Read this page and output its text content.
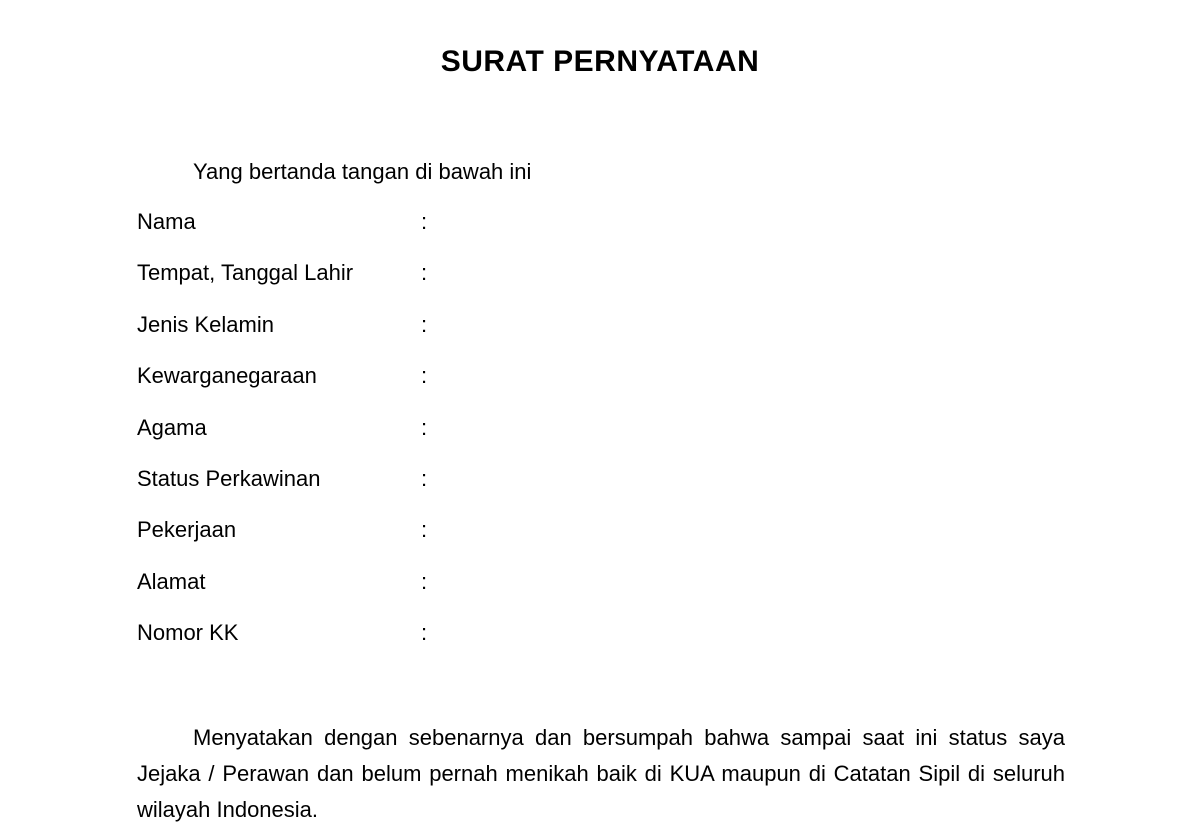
SURAT PERNYATAAN
Yang bertanda tangan di bawah ini
Nama	:
Tempat, Tanggal Lahir	:
Jenis Kelamin	:
Kewarganegaraan	:
Agama	:
Status Perkawinan	:
Pekerjaan	:
Alamat	:
Nomor KK	:
Menyatakan dengan sebenarnya dan bersumpah bahwa sampai saat ini status saya Jejaka / Perawan dan belum pernah menikah baik di KUA maupun di Catatan Sipil di seluruh wilayah Indonesia.
